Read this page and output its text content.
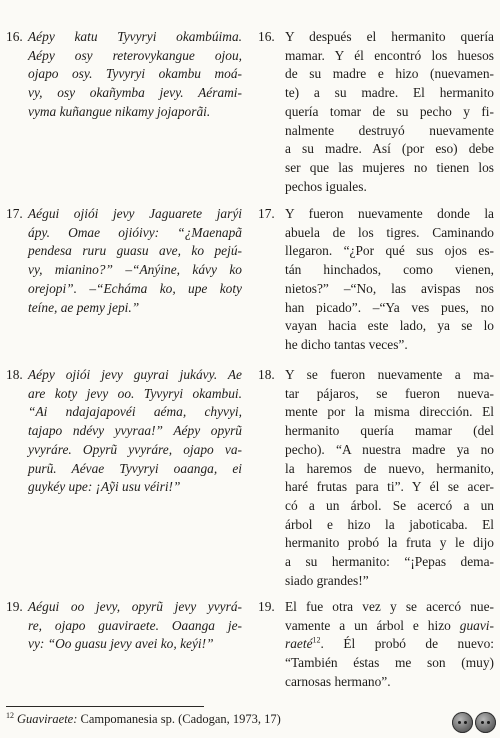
16. Aépy katu Tyvyryi okambúima.
Aépy osy reterovykangue ojou,
ojapo osy. Tyvyryi okambu moá-
vy, osy okañymba jevy. Aérami-
vyma kuñangue nikamy jojaporãi.
16. Y después el hermanito quería
mamar. Y él encontró los huesos
de su madre e hizo (nuevamen-
te) a su madre. El hermanito
quería tomar de su pecho y fi-
nalmente destruyó nuevamente
a su madre. Así (por eso) debe
ser que las mujeres no tienen los
pechos iguales.
17. Aégui ojiói jevy Jaguarete jarýi
ápy. Omae ojióivy: “¿Maenapã
pendesa ruru guasu ave, ko pejú-
vy, mianino?” –“Anýine, kávy ko
orejopi”. –“Echáma ko, upe koty
teíne, ae pemy jepi.”
17. Y fueron nuevamente donde la
abuela de los tigres. Caminando
llegaron. “¿Por qué sus ojos es-
tán hinchados, como vienen,
nietos?” –“No, las avispas nos
han picado”. –“Ya ves pues, no
vayan hacia este lado, ya se lo
he dicho tantas veces”.
18. Aépy ojiói jevy guyrai jukávy. Ae
are koty jevy oo. Tyvyryi okambui.
“Ai ndajajapovéi aéma, chyvyi,
tajapo ndévy yvyraa!” Aépy opyrũ
yvyráre. Opyrũ yvyráre, ojapo va-
purũ. Aévae Tyvyryi oaanga, ei
guykéy upe: ¡Aỹi usu véiri!”
18. Y se fueron nuevamente a ma-
tar pájaros, se fueron nueva-
mente por la misma dirección. El
hermanito quería mamar (del
pecho). “A nuestra madre ya no
la haremos de nuevo, hermanito,
haré frutas para ti”. Y él se acer-
có a un árbol. Se acercó a un
árbol e hizo la jaboticaba. El
hermanito probó la fruta y le dijo
a su hermanito: “¡Pepas dema-
siado grandes!”
19. Aégui oo jevy, opyrũ jevy yvyrá-
re, ojapo guaviraete. Oaanga je-
vy: “Oo guasu jevy avei ko, keýi!”
19. El fue otra vez y se acercó nue-
vamente a un árbol e hizo guavi-
raeté$^{12}$. Él probó de nuevo:
“También éstas me son (muy)
carnosas hermano”.
$^{12}$ Guaviraete: Campomanesia sp. (Cadogan, 1973, 17)
